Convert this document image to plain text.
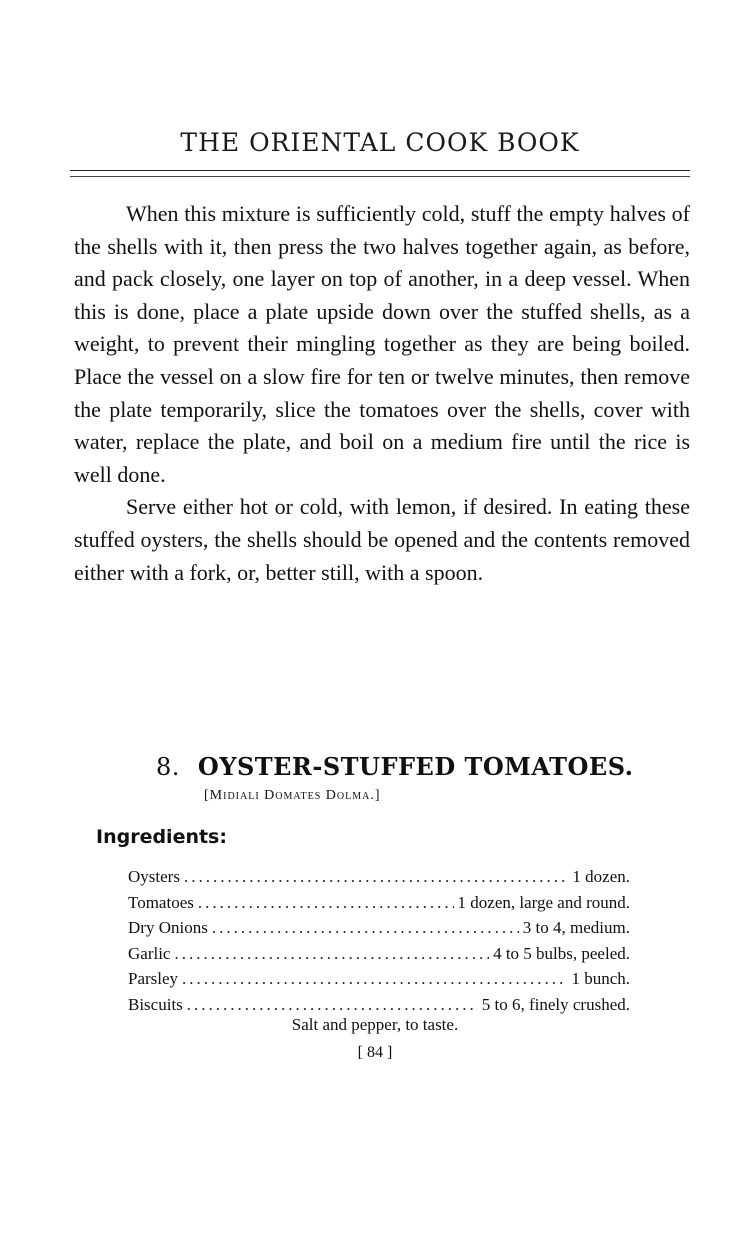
THE ORIENTAL COOK BOOK

When this mixture is sufficiently cold, stuff the empty halves of the shells with it, then press the two halves together again, as before, and pack closely, one layer on top of another, in a deep vessel. When this is done, place a plate upside down over the stuffed shells, as a weight, to prevent their mingling together as they are being boiled. Place the vessel on a slow fire for ten or twelve minutes, then remove the plate temporarily, slice the tomatoes over the shells, cover with water, replace the plate, and boil on a medium fire until the rice is well done.

Serve either hot or cold, with lemon, if desired. In eating these stuffed oysters, the shells should be opened and the contents removed either with a fork, or, better still, with a spoon.

8. OYSTER-STUFFED TOMATOES.
[Midiali Domates Dolma.]
Ingredients:
Oysters .....	1 dozen.
Tomatoes .....	1 dozen, large and round.
Dry Onions .....	3 to 4, medium.
Garlic .....	4 to 5 bulbs, peeled.
Parsley .....	1 bunch.
Biscuits .....	5 to 6, finely crushed.
Salt and pepper, to taste.
[ 84 ]
